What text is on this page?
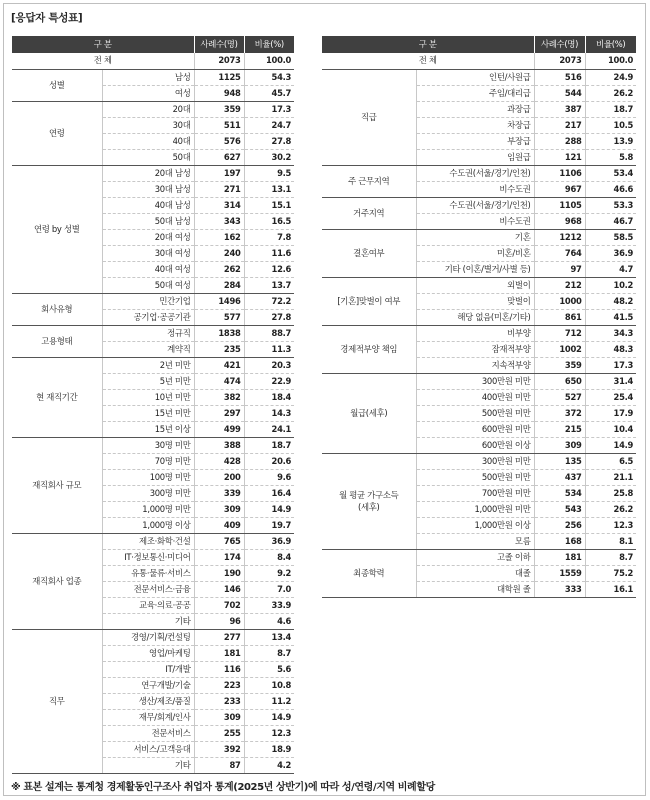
[응답자 특성표]
구 분		사례수(명)	비율(%)
전 체		2073	100.0
성별	남성	1125	54.3
	여성	948	45.7
연령	20대	359	17.3
	30대	511	24.7
	40대	576	27.8
	50대	627	30.2
연령 by 성별	20대 남성	197	9.5
	30대 남성	271	13.1
	40대 남성	314	15.1
	50대 남성	343	16.5
	20대 여성	162	7.8
	30대 여성	240	11.6
	40대 여성	262	12.6
	50대 여성	284	13.7
회사유형	민간기업	1496	72.2
	공기업·공공기관	577	27.8
고용형태	정규직	1838	88.7
	계약직	235	11.3
현 재직기간	2년 미만	421	20.3
	5년 미만	474	22.9
	10년 미만	382	18.4
	15년 미만	297	14.3
	15년 이상	499	24.1
재직회사 규모	30명 미만	388	18.7
	70명 미만	428	20.6
	100명 미만	200	9.6
	300명 미만	339	16.4
	1,000명 미만	309	14.9
	1,000명 이상	409	19.7
재직회사 업종	제조·화학·건설	765	36.9
	IT·정보통신·미디어	174	8.4
	유통·물류·서비스	190	9.2
	전문서비스·금융	146	7.0
	교육·의료·공공	702	33.9
	기타	96	4.6
직무	경영/기획/컨설팅	277	13.4
	영업/마케팅	181	8.7
	IT/개발	116	5.6
	연구개발/기술	223	10.8
	생산/제조/품질	233	11.2
	재무/회계/인사	309	14.9
	전문서비스	255	12.3
	서비스/고객응대	392	18.9
	기타	87	4.2
구 분		사례수(명)	비율(%)
전 체		2073	100.0
직급	인턴/사원급	516	24.9
	주임/대리급	544	26.2
	과장급	387	18.7
	차장급	217	10.5
	부장급	288	13.9
	임원급	121	5.8
주 근무지역	수도권(서울/경기/인천)	1106	53.4
	비수도권	967	46.6
거주지역	수도권(서울/경기/인천)	1105	53.3
	비수도권	968	46.7
결혼여부	기혼	1212	58.5
	미혼/비혼	764	36.9
	기타 (이혼/별거/사별 등)	97	4.7
[기혼]맞벌이 여부	외벌이	212	10.2
	맞벌이	1000	48.2
	해당 없음(미혼/기타)	861	41.5
경제적부양 책임	비부양	712	34.3
	잠재적부양	1002	48.3
	지속적부양	359	17.3
월급(세후)	300만원 미만	650	31.4
	400만원 미만	527	25.4
	500만원 미만	372	17.9
	600만원 미만	215	10.4
	600만원 이상	309	14.9
월 평균 가구소득
(세후)	300만원 미만	135	6.5
	500만원 미만	437	21.1
	700만원 미만	534	25.8
	1,000만원 미만	543	26.2
	1,000만원 이상	256	12.3
	모름	168	8.1
최종학력	고졸 이하	181	8.7
	대졸	1559	75.2
	대학원 졸	333	16.1
※ 표본 설계는 통계청 경제활동인구조사 취업자 통계(2025년 상반기)에 따라 성/연령/지역 비례할당
